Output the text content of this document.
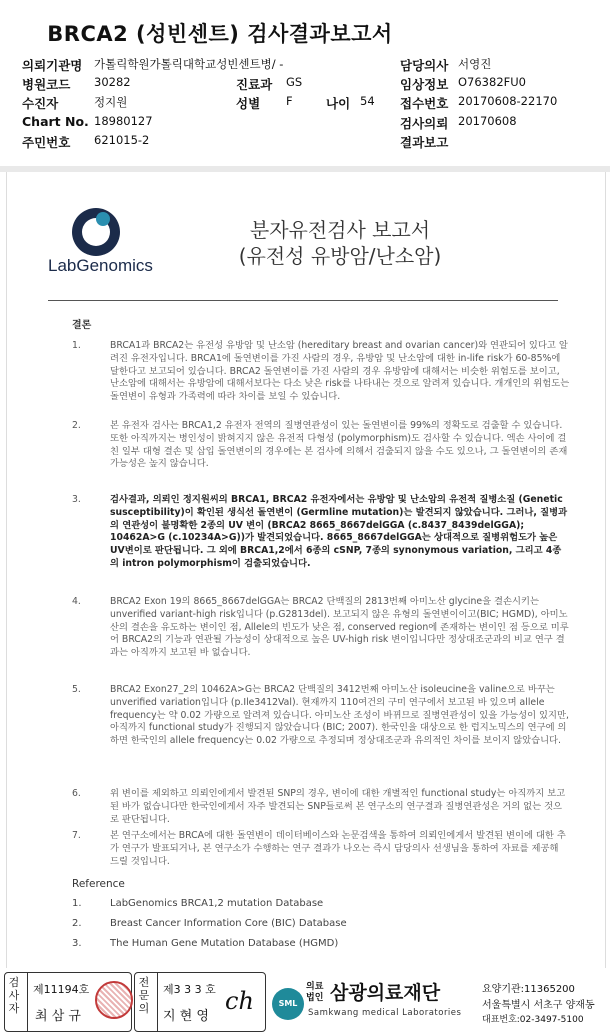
BRCA2 (성빈센트) 검사결과보고서
의뢰기관명 가톨릭학원가톨릭대학교성빈센트병/ -
병원코드 30282
수진자	정지원
Chart No. 18980127
주민번호 621015-2
진료과 GS
성별 F	나이 54
담당의사 서영진
임상정보 O76382FU0
접수번호 20170608-22170
검사의뢰 20170608
결과보고
LabGenomics
분자유전검사 보고서
(유전성 유방암/난소암)
결론
1.	BRCA1과 BRCA2는 유전성 유방암 및 난소암 (hereditary breast and ovarian cancer)와 연관되어 있다고 알려진 유전자입니다. BRCA1에 돌연변이를 가진 사람의 경우, 유방암 및 난소암에 대한 in-life risk가 60-85%에 달한다고 보고되어 있습니다. BRCA2 돌연변이를 가진 사람의 경우 유방암에 대해서는 비슷한 위험도를 보이고, 난소암에 대해서는 유방암에 대해서보다는 다소 낮은 risk를 나타내는 것으로 알려져 있습니다. 개개인의 위험도는 돌연변이 유형과 가족력에 따라 차이를 보일 수 있습니다.
2.	본 유전자 검사는 BRCA1,2 유전자 전역의 질병연관성이 있는 돌연변이를 99%의 정확도로 검출할 수 있습니다. 또한 아직까지는 병인성이 밝혀지지 않은 유전적 다형성 (polymorphism)도 검사할 수 있습니다. 엑손 사이에 걸친 일부 대형 결손 및 삽입 돌연변이의 경우에는 본 검사에 의해서 검출되지 않을 수도 있으나, 그 돌연변이의 존재 가능성은 높지 않습니다.
3.	검사결과, 의뢰인 정지원씨의 BRCA1, BRCA2 유전자에서는 유방암 및 난소암의 유전적 질병소질 (Genetic susceptibility)이 확인된 생식선 돌연변이 (Germline mutation)는 발견되지 않았습니다. 그러나, 질병과의 연관성이 불명확한 2종의 UV 변이 (BRCA2 8665_8667delGGA (c.8437_8439delGGA); 10462A>G (c.10234A>G))가 발견되었습니다. 8665_8667delGGA는 상대적으로 질병위험도가 높은 UV변이로 판단됩니다. 그 외에 BRCA1,2에서 6종의 cSNP, 7종의 synonymous variation, 그리고 4종의 intron polymorphism이 검출되었습니다.
4.	BRCA2 Exon 19의 8665_8667delGGA는 BRCA2 단백질의 2813번째 아미노산 glycine을 결손시키는 unverified variant-high risk입니다 (p.G2813del). 보고되지 않은 유형의 돌연변이이고(BIC; HGMD), 아미노산의 결손을 유도하는 변이인 점, Allele의 빈도가 낮은 점, conserved region에 존재하는 변이인 점 등으로 미루어 BRCA2의 기능과 연관될 가능성이 상대적으로 높은 UV-high risk 변이입니다만 정상대조군과의 비교 연구 결과는 아직까지 보고된 바 없습니다.
5.	BRCA2 Exon27_2의 10462A>G는 BRCA2 단백질의 3412번째 아미노산 isoleucine을 valine으로 바꾸는 unverified variation입니다 (p.Ile3412Val). 현재까지 110여건의 구미 연구에서 보고된 바 있으며 allele frequency는 약 0.02 가량으로 알려져 있습니다. 아미노산 조성이 바뀌므로 질병연관성이 있을 가능성이 있지만, 아직까지 functional study가 진행되지 않았습니다 (BIC; 2007). 한국인을 대상으로 한 럽지노믹스의 연구에 의하면 한국인의 allele frequency는 0.02 가량으로 추정되며 정상대조군과 유의적인 차이를 보이지 않았습니다.
6.	위 변이를 제외하고 의뢰인에게서 발견된 SNP의 경우, 변이에 대한 개별적인 functional study는 아직까지 보고된 바가 없습니다만 한국인에게서 자주 발견되는 SNP들로써 본 연구소의 연구결과 질병연관성은 거의 없는 것으로 판단됩니다.
7.	본 연구소에서는 BRCA에 대한 돌연변이 데이터베이스와 논문검색을 통하여 의뢰인에게서 발견된 변이에 대한 추가 연구가 발표되거나, 본 연구소가 수행하는 연구 결과가 나오는 즉시 담당의사 선생님을 통하여 자료를 제공해 드릴 것입니다.
Reference
1.	LabGenomics BRCA1,2 mutation Database
2.	Breast Cancer Information Core (BIC) Database
3.	The Human Gene Mutation Database (HGMD)
검사자
제11194호
최 삼 규
전문의
제3 3 3 호
지 현 영
ch	SML
의료법인 삼광의료재단
Samkwang medical Laboratories
요양기관:11365200
서울특별시 서초구 양재동
대표번호:02-3497-5100
